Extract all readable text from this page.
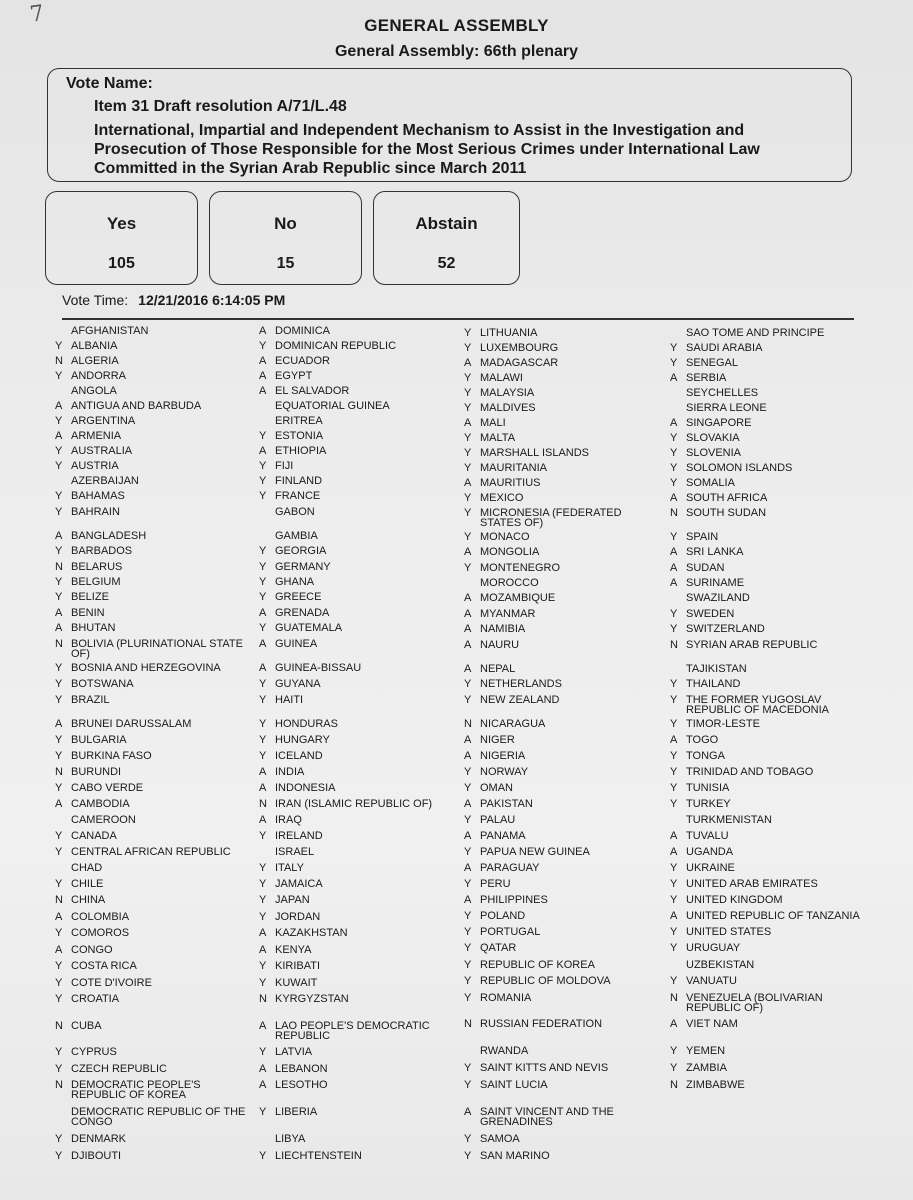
7	GENERAL ASSEMBLY
General Assembly: 66th plenary
Vote Name:
Item 31 Draft resolution A/71/L.48
International, Impartial and Independent Mechanism to Assist in the Investigation and
Prosecution of Those Responsible for the Most Serious Crimes under International Law
Committed in the Syrian Arab Republic since March 2011
Yes
105
No
15
Abstain
52
Vote Time: 12/21/2016 6:14:05 PM
AFGHANISTAN
Y ALBANIA
N ALGERIA
Y ANDORRA
ANGOLA
A ANTIGUA AND BARBUDA
Y ARGENTINA
A ARMENIA
Y AUSTRALIA
Y AUSTRIA
AZERBAIJAN
Y BAHAMAS
Y BAHRAIN
A BANGLADESH
Y BARBADOS
N BELARUS
Y BELGIUM
Y BELIZE
A BENIN
A BHUTAN
N BOLIVIA (PLURINATIONAL STATE OF)
Y BOSNIA AND HERZEGOVINA
Y BOTSWANA
Y BRAZIL
A BRUNEI DARUSSALAM
Y BULGARIA
Y BURKINA FASO
N BURUNDI
Y CABO VERDE
A CAMBODIA
CAMEROON
Y CANADA
Y CENTRAL AFRICAN REPUBLIC
CHAD
Y CHILE
N CHINA
A COLOMBIA
Y COMOROS
A CONGO
Y COSTA RICA
Y COTE D'IVOIRE
Y CROATIA
N CUBA
Y CYPRUS
Y CZECH REPUBLIC
N DEMOCRATIC PEOPLE'S REPUBLIC OF KOREA
DEMOCRATIC REPUBLIC OF THE CONGO
Y DENMARK
Y DJIBOUTI
A DOMINICA
Y DOMINICAN REPUBLIC
A ECUADOR
A EGYPT
A EL SALVADOR
EQUATORIAL GUINEA
ERITREA
Y ESTONIA
A ETHIOPIA
Y FIJI
Y FINLAND
Y FRANCE
GABON
GAMBIA
Y GEORGIA
Y GERMANY
Y GHANA
Y GREECE
A GRENADA
Y GUATEMALA
A GUINEA
A GUINEA-BISSAU
Y GUYANA
Y HAITI
Y HONDURAS
Y HUNGARY
Y ICELAND
A INDIA
A INDONESIA
N IRAN (ISLAMIC REPUBLIC OF)
A IRAQ
Y IRELAND
ISRAEL
Y ITALY
Y JAMAICA
Y JAPAN
Y JORDAN
A KAZAKHSTAN
A KENYA
Y KIRIBATI
Y KUWAIT
N KYRGYZSTAN
A LAO PEOPLE'S DEMOCRATIC REPUBLIC
Y LATVIA
A LEBANON
A LESOTHO
Y LIBERIA
LIBYA
Y LIECHTENSTEIN
Y LITHUANIA
Y LUXEMBOURG
A MADAGASCAR
Y MALAWI
Y MALAYSIA
Y MALDIVES
A MALI
Y MALTA
Y MARSHALL ISLANDS
Y MAURITANIA
A MAURITIUS
Y MEXICO
Y MICRONESIA (FEDERATED STATES OF)
Y MONACO
A MONGOLIA
Y MONTENEGRO
MOROCCO
A MOZAMBIQUE
A MYANMAR
A NAMIBIA
A NAURU
A NEPAL
Y NETHERLANDS
Y NEW ZEALAND
N NICARAGUA
A NIGER
A NIGERIA
Y NORWAY
Y OMAN
A PAKISTAN
Y PALAU
A PANAMA
Y PAPUA NEW GUINEA
A PARAGUAY
Y PERU
A PHILIPPINES
Y POLAND
Y PORTUGAL
Y QATAR
Y REPUBLIC OF KOREA
Y REPUBLIC OF MOLDOVA
Y ROMANIA
N RUSSIAN FEDERATION
RWANDA
Y SAINT KITTS AND NEVIS
Y SAINT LUCIA
A SAINT VINCENT AND THE GRENADINES
Y SAMOA
Y SAN MARINO
SAO TOME AND PRINCIPE
Y SAUDI ARABIA
Y SENEGAL
A SERBIA
SEYCHELLES
SIERRA LEONE
A SINGAPORE
Y SLOVAKIA
Y SLOVENIA
Y SOLOMON ISLANDS
Y SOMALIA
A SOUTH AFRICA
N SOUTH SUDAN
Y SPAIN
A SRI LANKA
A SUDAN
A SURINAME
SWAZILAND
Y SWEDEN
Y SWITZERLAND
N SYRIAN ARAB REPUBLIC
TAJIKISTAN
Y THAILAND
Y THE FORMER YUGOSLAV REPUBLIC OF MACEDONIA
Y TIMOR-LESTE
A TOGO
Y TONGA
Y TRINIDAD AND TOBAGO
Y TUNISIA
Y TURKEY
TURKMENISTAN
A TUVALU
A UGANDA
Y UKRAINE
Y UNITED ARAB EMIRATES
Y UNITED KINGDOM
A UNITED REPUBLIC OF TANZANIA
Y UNITED STATES
Y URUGUAY
UZBEKISTAN
Y VANUATU
N VENEZUELA (BOLIVARIAN REPUBLIC OF)
A VIET NAM
Y YEMEN
Y ZAMBIA
N ZIMBABWE
